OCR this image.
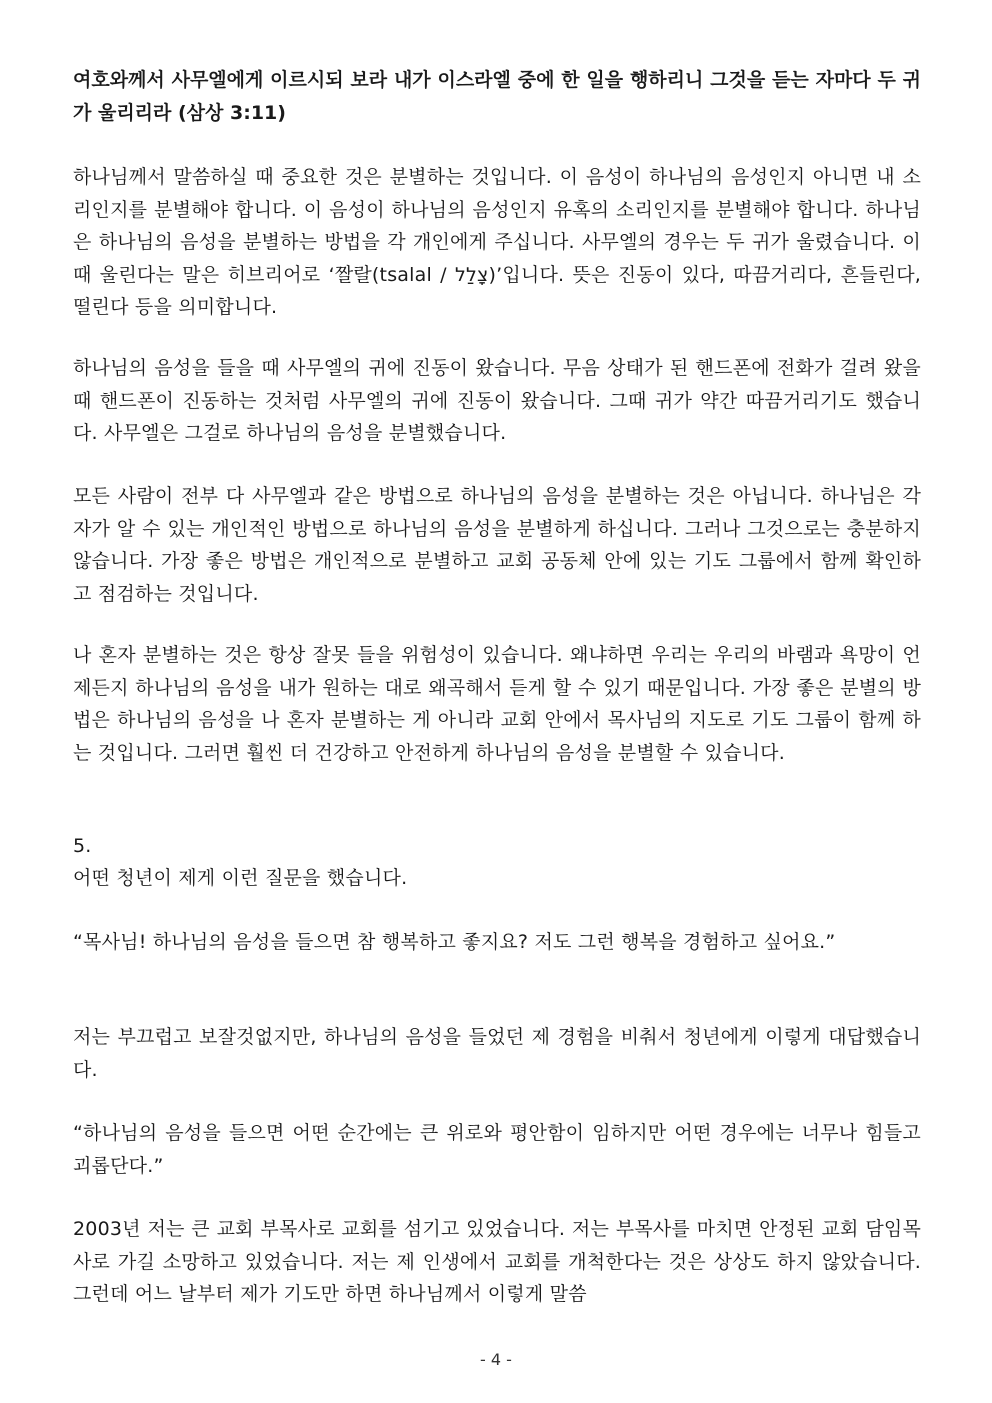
여호와께서 사무엘에게 이르시되 보라 내가 이스라엘 중에 한 일을 행하리니 그것을 듣는 자마다 두 귀가 울리리라 (삼상 3:11)

하나님께서 말씀하실 때 중요한 것은 분별하는 것입니다. 이 음성이 하나님의 음성인지 아니면 내 소리인지를 분별해야 합니다. 이 음성이 하나님의 음성인지 유혹의 소리인지를 분별해야 합니다. 하나님은 하나님의 음성을 분별하는 방법을 각 개인에게 주십니다. 사무엘의 경우는 두 귀가 울렸습니다. 이때 울린다는 말은 히브리어로 ‘짤랄(tsalal / צָלַל)’입니다. 뜻은 진동이 있다, 따끔거리다, 흔들린다, 떨린다 등을 의미합니다.

하나님의 음성을 들을 때 사무엘의 귀에 진동이 왔습니다. 무음 상태가 된 핸드폰에 전화가 걸려 왔을 때 핸드폰이 진동하는 것처럼 사무엘의 귀에 진동이 왔습니다. 그때 귀가 약간 따끔거리기도 했습니다. 사무엘은 그걸로 하나님의 음성을 분별했습니다.

모든 사람이 전부 다 사무엘과 같은 방법으로 하나님의 음성을 분별하는 것은 아닙니다. 하나님은 각자가 알 수 있는 개인적인 방법으로 하나님의 음성을 분별하게 하십니다. 그러나 그것으로는 충분하지 않습니다. 가장 좋은 방법은 개인적으로 분별하고 교회 공동체 안에 있는 기도 그룹에서 함께 확인하고 점검하는 것입니다.

나 혼자 분별하는 것은 항상 잘못 들을 위험성이 있습니다. 왜냐하면 우리는 우리의 바램과 욕망이 언제든지 하나님의 음성을 내가 원하는 대로 왜곡해서 듣게 할 수 있기 때문입니다. 가장 좋은 분별의 방법은 하나님의 음성을 나 혼자 분별하는 게 아니라 교회 안에서 목사님의 지도로 기도 그룹이 함께 하는 것입니다. 그러면 훨씬 더 건강하고 안전하게 하나님의 음성을 분별할 수 있습니다.

5.

어떤 청년이 제게 이런 질문을 했습니다.

“목사님! 하나님의 음성을 들으면 참 행복하고 좋지요? 저도 그런 행복을 경험하고 싶어요.”

저는 부끄럽고 보잘것없지만, 하나님의 음성을 들었던 제 경험을 비춰서 청년에게 이렇게 대답했습니다.

“하나님의 음성을 들으면 어떤 순간에는 큰 위로와 평안함이 임하지만 어떤 경우에는 너무나 힘들고 괴롭단다.”

2003년 저는 큰 교회 부목사로 교회를 섬기고 있었습니다. 저는 부목사를 마치면 안정된 교회 담임목사로 가길 소망하고 있었습니다. 저는 제 인생에서 교회를 개척한다는 것은 상상도 하지 않았습니다. 그런데 어느 날부터 제가 기도만 하면 하나님께서 이렇게 말씀

- 4 -
